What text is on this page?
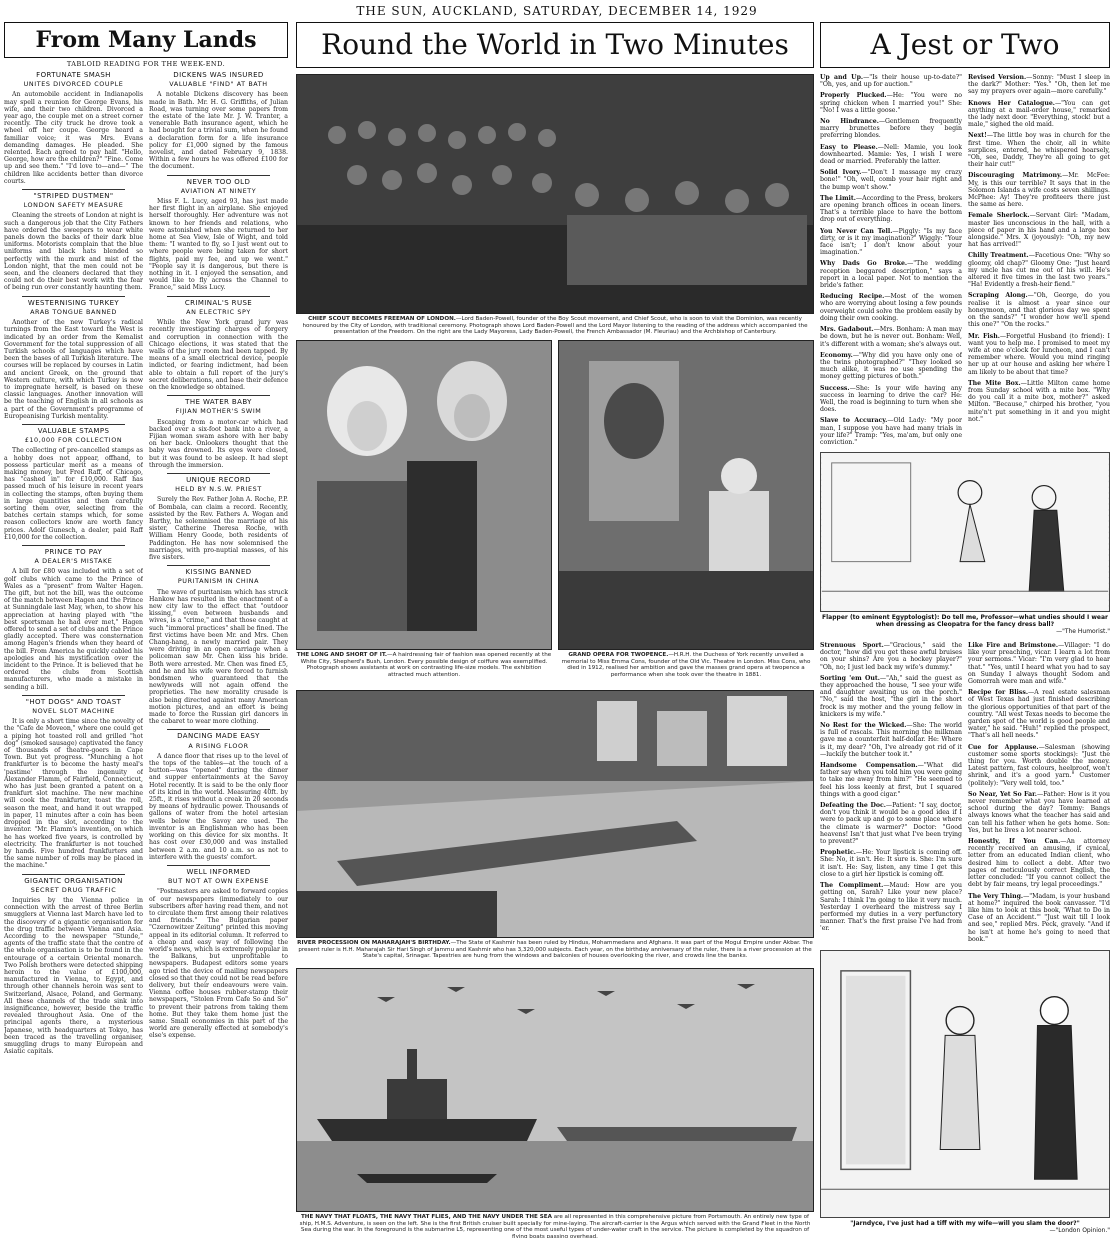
THE SUN, AUCKLAND, SATURDAY, DECEMBER 14, 1929
From Many Lands
TABLOID READING FOR THE WEEK-END.
FORTUNATE SMASH
UNITES DIVORCED COUPLE

An automobile accident in Indianapolis may spell a reunion for George Evans, his wife, and their two children. Divorced a year ago, the couple met on a street corner recently. The city truck he drove took a wheel off her coupe. George heard a familiar voice; it was Mrs. Evans demanding damages. He pleaded. She relented. Each agreed to pay half. "Hello, George, how are the children?" "Fine. Come up and see them." "I'd love to—and—" The children like accidents better than divorce courts.

"STRIPED DUSTMEN"
LONDON SAFETY MEASURE

Cleaning the streets of London at night is such a dangerous job that the City Fathers have ordered the sweepers to wear white panels down the backs of their dark blue uniforms. Motorists complain that the blue uniforms and black hats blended so perfectly with the murk and mist of the London night, that the men could not be seen, and the cleaners declared that they could not do their best work with the fear of being run over constantly haunting them.

WESTERNISING TURKEY
ARAB TONGUE BANNED

Another of the new Turkey's radical turnings from the East toward the West is indicated by an order from the Kemalist Government for the total suppression of all Turkish schools of languages which have been the bases of all Turkish literature. The courses will be replaced by courses in Latin and ancient Greek, on the ground that Western culture, with which Turkey is now to impregnate herself, is based on these classic languages. Another innovation will be the teaching of English in all schools as a part of the Government's programme of Europeanising Turkish mentality.

VALUABLE STAMPS
£10,000 FOR COLLECTION

The collecting of pre-cancelled stamps as a hobby does not appear, offhand, to possess particular merit as a means of making money, but Fred Raff, of Chicago, has "cashed in" for £10,000. Raff has passed much of his leisure in recent years in collecting the stamps, often buying them in large quantities and then carefully sorting them over, selecting from the batches certain stamps which, for some reason collectors know are worth fancy prices. Adolf Gunesch, a dealer, paid Raff £10,000 for the collection.

PRINCE TO PAY
A DEALER'S MISTAKE

A bill for £80 was included with a set of golf clubs which came to the Prince of Wales as a "present" from Walter Hagen. The gift, but not the bill, was the outcome of the match between Hagen and the Prince at Sunningdale last May, when, to show his appreciation at having played with "the best sportsman he had ever met," Hagen offered to send a set of clubs and the Prince gladly accepted. There was consternation among Hagen's friends when they heard of the bill. From America he quickly cabled his apologies and his mystification over the incident to the Prince. It is believed that he ordered the clubs from Scottish manufacturers, who made a mistake in sending a bill.

"HOT DOGS" AND TOAST
NOVEL SLOT MACHINE

It is only a short time since the novelty of the "Cafe de Moveon," where one could get a piping hot toasted roll and grilled "hot dog" (smoked sausage) captivated the fancy of thousands of theatre-goers in Cape Town. But yet progress. "Munching a hot frankfurter is to become the hasty meal's 'pastime' through the ingenuity of Alexander Flamm, of Fairfield, Connecticut, who has just been granted a patent on a frankfurt slot machine. The new machine will cook the frankfurter, toast the roll, season the meat, and hand it out wrapped in paper, 11 minutes after a coin has been dropped in the slot, according to the inventor. "Mr. Flamm's invention, on which he has worked five years, is controlled by electricity. The frankfurter is not touched by hands. Five hundred frankfurters and the same number of rolls may be placed in the machine."

GIGANTIC ORGANISATION
SECRET DRUG TRAFFIC

Inquiries by the Vienna police in connection with the arrest of three Berlin smugglers at Vienna last March have led to the discovery of a gigantic organisation for the drug traffic between Vienna and Asia. According to the newspaper "Stunde," agents of the traffic state that the centre of the whole organisation is to be found in the entourage of a certain Oriental monarch. Two Polish brothers were detected shipping heroin to the value of £100,000, manufactured in Vienna, to Egypt, and through other channels heroin was sent to Switzerland, Alsace, Poland, and Germany. All these channels of the trade sink into insignificance, however, beside the traffic revealed throughout Asia. One of the principal agents there, a mysterious Japanese, with headquarters at Tokyo, has been traced as the travelling organiser, smuggling drugs to many European and Asiatic capitals.

DICKENS WAS INSURED
VALUABLE "FIND" AT BATH

A notable Dickens discovery has been made in Bath. Mr. H. G. Griffiths, of Julian Road, was turning over some papers from the estate of the late Mr. J. W. Tranter, a venerable Bath insurance agent, which he had bought for a trivial sum, when he found a declaration form for a life insurance policy for £1,000 signed by the famous novelist, and dated February 9, 1838. Within a few hours he was offered £100 for the document.

NEVER TOO OLD
AVIATION AT NINETY

Miss F. L. Lucy, aged 93, has just made her first flight in an airplane. She enjoyed herself thoroughly. Her adventure was not known to her friends and relations, who were astonished when she returned to her home at Sea View, Isle of Wight, and told them: "I wanted to fly, so I just went out to where people were being taken for short flights, paid my fee, and up we went." "People say it is dangerous, but there is nothing in it. I enjoyed the sensation, and would like to fly across the Channel to France," said Miss Lucy.

CRIMINAL'S RUSE
AN ELECTRIC SPY

While the New York grand jury was recently investigating charges of forgery and corruption in connection with the Chicago elections, it was stated that the walls of the jury room had been tapped. By means of a small electrical device, people indicted, or fearing indictment, had been able to obtain a full report of the jury's secret deliberations, and base their defence on the knowledge so obtained.

THE WATER BABY
FIJIAN MOTHER'S SWIM

Escaping from a motor-car which had backed over a six-foot bank into a river, a Fijian woman swam ashore with her baby on her back. Onlookers thought that the baby was drowned. Its eyes were closed, but it was found to be asleep. It had slept through the immersion.

UNIQUE RECORD
HELD BY N.S.W. PRIEST

Surely the Rev. Father John A. Roche, P.P. of Bombala, can claim a record. Recently, assisted by the Rev. Fathers A. Wogan and Barthy, he solemnised the marriage of his sister, Catherine Theresa Roche, with William Henry Goode, both residents of Paddington. He has now solemnised the marriages, with pro-nuptial masses, of his five sisters.

KISSING BANNED
PURITANISM IN CHINA

The wave of puritanism which has struck Hankow has resulted in the enactment of a new city law to the effect that "outdoor kissing," even between husbands and wives, is a "crime," and that those caught at such "immoral practices" shall be fined. The first victims have been Mr. and Mrs. Chen Chang-hang, a newly married pair. They were driving in an open carriage when a policeman saw Mr. Chen kiss his bride. Both were arrested. Mr. Chen was fined £5, and he and his wife were forced to furnish bondsmen who guaranteed that the newlyweds will not again offend the proprieties. The new morality crusade is also being directed against many American motion pictures, and an effort is being made to force the Russian girl dancers in the cabaret to wear more clothing.

DANCING MADE EASY
A RISING FLOOR

A dance floor that rises up to the level of the tops of the tables—at the touch of a button—was "opened" during the dinner and supper entertainments at the Savoy Hotel recently. It is said to be the only floor of its kind in the world. Measuring 40ft. by 25ft., it rises without a creak in 20 seconds by means of hydraulic power. Thousands of gallons of water from the hotel artesian wells below the Savoy are used. The inventor is an Englishman who has been working on this device for six months. It has cost over £30,000 and was installed between 2 a.m. and 10 a.m. so as not to interfere with the guests' comfort.

WELL INFORMED
BUT NOT AT OWN EXPENSE

"Postmasters are asked to forward copies of our newspapers (immediately to our subscribers after having read them, and not to circulate them first among their relatives and friends." The Bulgarian paper "Czernowitzer Zeitung" printed this moving appeal in its editorial column. It referred to a cheap and easy way of following the world's news, which is extremely popular in the Balkans, but unprofitable to newspapers. Budapest editors some years ago tried the device of mailing newspapers closed so that they could not be read before delivery, but their endeavours were vain. Vienna coffee houses rubber-stamp their newspapers, "Stolen From Cafe So and So" to prevent their patrons from taking them home. But they take them home just the same. Small economies in this part of the world are generally effected at somebody's else's expense.

Round the World in Two Minutes
CHIEF SCOUT BECOMES FREEMAN OF LONDON.—Lord Baden-Powell, founder of the Boy Scout movement, and Chief Scout, who is soon to visit the Dominion, was recently honoured by the City of London, with traditional ceremony. Photograph shows Lord Baden-Powell and the Lord Mayor listening to the reading of the address which accompanied the presentation of the Freedom. On the right are the Lady Mayoress, Lady Baden-Powell, the French Ambassador (M. Fleuriau) and the Archbishop of Canterbury.
THE LONG AND SHORT OF IT.—A hairdressing fair of fashion was opened recently at the White City, Shepherd's Bush, London. Every possible design of coiffure was exemplified. Photograph shows assistants at work on contrasting life-size models. The exhibition attracted much attention.
GRAND OPERA FOR TWOPENCE.—H.R.H. the Duchess of York recently unveiled a memorial to Miss Emma Cons, founder of the Old Vic. Theatre in London. Miss Cons, who died in 1912, realised her ambition and gave the masses grand opera at twopence a performance when she took over the theatre in 1881.
RIVER PROCESSION ON MAHARAJAH'S BIRTHDAY.—The State of Kashmir has been ruled by Hindus, Mohammedans and Afghans. It was part of the Mogul Empire under Akbar. The present ruler is H.H. Maharajah Sir Hari Singh of Jammu and Kashmir who has 3,320,000 subjects. Each year, on the birthday anniversary of the ruler, there is a river procession at the State's capital, Srinagar. Tapestries are hung from the windows and balconies of houses overlooking the river, and crowds line the banks.
THE NAVY THAT FLOATS, THE NAVY THAT FLIES, AND THE NAVY UNDER THE SEA are all represented in this comprehensive picture from Portsmouth. An entirely new type of ship, H.M.S. Adventure, is seen on the left. She is the first British cruiser built specially for mine-laying. The aircraft-carrier is the Argus which served with the Grand Fleet in the North Sea during the war. In the foreground is the submarine L5, representing one of the most useful types of under-water craft in the service. The picture is completed by the squadron of flying boats passing overhead.
A Jest or Two
Up and Up.—"Is their house up-to-date?" "Oh, yes, and up for auction."
Properly Plucked.—He: "You were no spring chicken when I married you!" She: "No! I was a little goose."
No Hindrance.—Gentlemen frequently marry brunettes before they begin preferring blondes.
Easy to Please.—Nell: Mamie, you look downhearted. Mamie: Yes, I wish I were dead or married. Preferably the latter.
Solid Ivory.—"Don't I massage my crazy bone!" "Oh, well, comb your hair right and the bump won't show."
The Limit.—According to the Press, brokers are opening branch offices in ocean liners. That's a terrible place to have the bottom drop out of everything.
You Never Can Tell.—Piggly: "Is my face dirty, or is it my imagination?" Wiggly: "Your face isn't; I don't know about your imagination."
Why Dads Go Broke.—"The wedding reception beggared description," says a report in a local paper. Not to mention the bride's father.
Reducing Recipe.—Most of the women who are worrying about losing a few pounds overweight could solve the problem easily by doing their own cooking.
Mrs. Gadabout.—Mrs. Bonham: A man may be down, but he is never out. Bonham: Well, it's different with a woman; she's always out.
Economy.—"Why did you have only one of the twins photographed?" "They looked so much alike, it was no use spending the money getting pictures of both."
Success.—She: Is your wife having any success in learning to drive the car? He: Well, the road is beginning to turn when she does.
Slave to Accuracy.—Old Lady: "My poor man, I suppose you have had many trials in your life?" Tramp: "Yes, ma'am, but only one conviction."
Revised Version.—Sonny: "Must I sleep in the dark?" Mother: "Yes." "Oh, then let me say my prayers over again—more carefully."
Knows Her Catalogue.—"You can get anything at a mail-order house," remarked the lady next door. "Everything, stock! but a male," sighed the old maid.
Next!—The little boy was in church for the first time. When the choir, all in white surplices, entered, he whispered hoarsely, "Oh, see, Daddy, They're all going to get their hair cut!"
Discouraging Matrimony.—Mr. McFee: My, is this our terrible? It says that in the Solomon Islands a wife costs seven shillings. McPhee: Ay! They're profiteers there just the same as here.
Female Sherlock.—Servant Girl: "Madam, master lies unconscious in the hall, with a piece of paper in his hand and a large box alongside." Mrs. X (joyously): "Oh, my new hat has arrived!"
Chilly Treatment.—Facetious One: "Why so gloomy, old chap?" Gloomy One: "Just heard my uncle has cut me out of his will. He's altered it five times in the last two years." "Ha! Evidently a fresh-heir fiend."
Scraping Along.—"Oh, George, do you realise it is almost a year since our honeymoon, and that glorious day we spent on the sands?" "I wonder how we'll spend this one?" "On the rocks."
Mr. Fish.—Forgetful Husband (to friend): I want you to help me. I promised to meet my wife at one o'clock for luncheon, and I can't remember where. Would you mind ringing her up at our house and asking her where I am likely to be about that time?
The Mite Box.—Little Milton came home from Sunday school with a mite box. "Why do you call it a mite box, mother?" asked Milton. "Because," chirped his brother, "you mite'n't put something in it and you might not."
Flapper (to eminent Egyptologist): Do tell me, Professor—what undies should I wear when dressing as Cleopatra for the fancy dress ball?
—"The Humorist."
Strenuous Sport.—"Gracious," said the doctor, "how did you get these awful bruises on your shins? Are you a hockey player?" "Oh, no; I just led back my wife's dummy."
Sorting 'em Out.—"Ah," said the guest as they approached the house, "I see your wife and daughter awaiting us on the porch." "No," said the host, "the girl in the short frock is my mother and the young fellow in knickers is my wife."
No Rest for the Wicked.—She: The world is full of rascals. This morning the milkman gave me a counterfeit half-dollar. He: Where is it, my dear? "Oh, I've already got rid of it—luckily the butcher took it."
Handsome Compensation.—"What did father say when you told him you were going to take me away from him?" "He seemed to feel his loss keenly at first, but I squared things with a good cigar."
Defeating the Doc.—Patient: "I say, doctor, don't you think it would be a good idea if I were to pack up and go to some place where the climate is warmer?" Doctor: "Good heavens! Isn't that just what I've been trying to prevent?"
Prophetic.—He: Your lipstick is coming off. She: No, it isn't. He: It sure is. She: I'm sure it isn't. He: Say, listen, any time I get this close to a girl her lipstick is coming off.
The Compliment.—Maud: How are you getting on, Sarah? Like your new place? Sarah: I think I'm going to like it very much. Yesterday I overheard the mistress say I performed my duties in a very perfunctory manner. That's the first praise I've had from 'er.
Like Fire and Brimstone.—Villager: "I do like your preaching, vicar. I learn a lot from your sermons." Vicar: "I'm very glad to hear that." "Yes, until I heard what you had to say on Sunday I always thought Sodom and Gomorrah were man and wife."
Recipe for Bliss.—A real estate salesman of West Texas had just finished describing the glorious opportunities of that part of the country. "All west Texas needs to become the garden spot of the world is good people and water," he said. "Huh!" replied the prospect, "That's all hell needs."
Cue for Applause.—Salesman (showing customer some sports stockings): "Just the thing for you. Worth double the money. Latest pattern, fast colours, heelproof, won't shrink, and it's a good yarn." Customer (politely): "Very well told, too."
So Near, Yet So Far.—Father: How is it you never remember what you have learned at school during the day? Tommy: Bangs always knows what the teacher has said and can tell his father when he gets home. Son: Yes, but he lives a lot nearer school.
Honestly, If You Can.—An attorney recently received an amusing, if cynical, letter from an educated Indian client, who desired him to collect a debt. After two pages of meticulously correct English, the letter concluded: "If you cannot collect the debt by fair means, try legal proceedings."
The Very Thing.—"Madam, is your husband at home?" inquired the book canvasser. "I'd like him to look at this book, 'What to Do in Case of an Accident.'" "Just wait till I look and see," replied Mrs. Peck, gravely. "And if he isn't at home he's going to need that book."
"Jarndyce, I've just had a tiff with my wife—will you slam the door?"
—"London Opinion."
